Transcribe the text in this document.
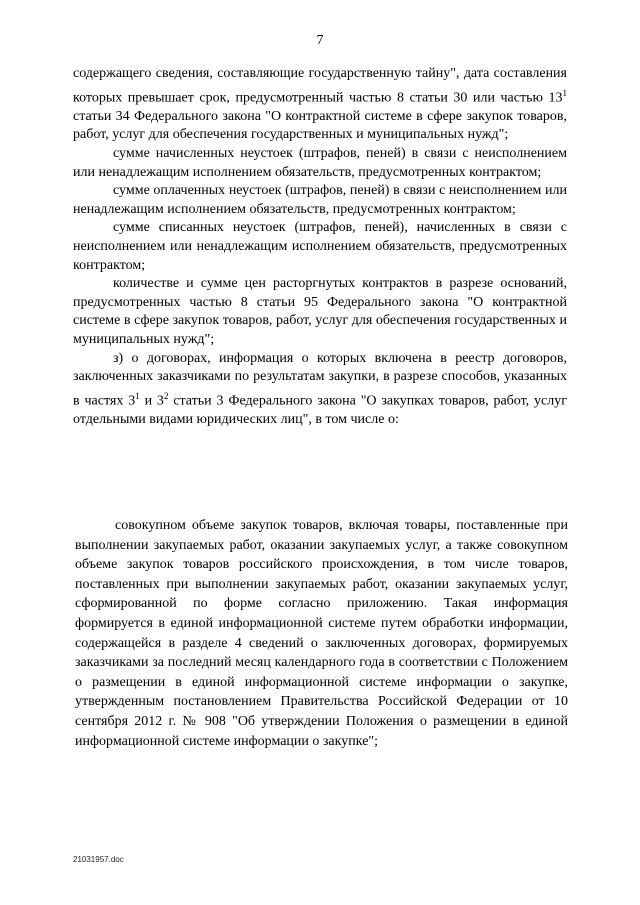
7

содержащего сведения, составляющие государственную тайну", дата составления которых превышает срок, предусмотренный частью 8 статьи 30 или частью $13^1$ статьи 34 Федерального закона "О контрактной системе в сфере закупок товаров, работ, услуг для обеспечения государственных и муниципальных нужд";

сумме начисленных неустоек (штрафов, пеней) в связи с неисполнением или ненадлежащим исполнением обязательств, предусмотренных контрактом;

сумме оплаченных неустоек (штрафов, пеней) в связи с неисполнением или ненадлежащим исполнением обязательств, предусмотренных контрактом;

сумме списанных неустоек (штрафов, пеней), начисленных в связи с неисполнением или ненадлежащим исполнением обязательств, предусмотренных контрактом;

количестве и сумме цен расторгнутых контрактов в разрезе оснований, предусмотренных частью 8 статьи 95 Федерального закона "О контрактной системе в сфере закупок товаров, работ, услуг для обеспечения государственных и муниципальных нужд";

з) о договорах, информация о которых включена в реестр договоров, заключенных заказчиками по результатам закупки, в разрезе способов, указанных в частях $3^1$ и $3^2$ статьи 3 Федерального закона "О закупках товаров, работ, услуг отдельными видами юридических лиц", в том числе о:

совокупном объеме закупок товаров, включая товары, поставленные при выполнении закупаемых работ, оказании закупаемых услуг, а также совокупном объеме закупок товаров российского происхождения, в том числе товаров, поставленных при выполнении закупаемых работ, оказании закупаемых услуг, сформированной по форме согласно приложению. Такая информация формируется в единой информационной системе путем обработки информации, содержащейся в разделе 4 сведений о заключенных договорах, формируемых заказчиками за последний месяц календарного года в соответствии с Положением о размещении в единой информационной системе информации о закупке, утвержденным постановлением Правительства Российской Федерации от 10 сентября 2012 г. № 908 "Об утверждении Положения о размещении в единой информационной системе информации о закупке";

21031957.doc
